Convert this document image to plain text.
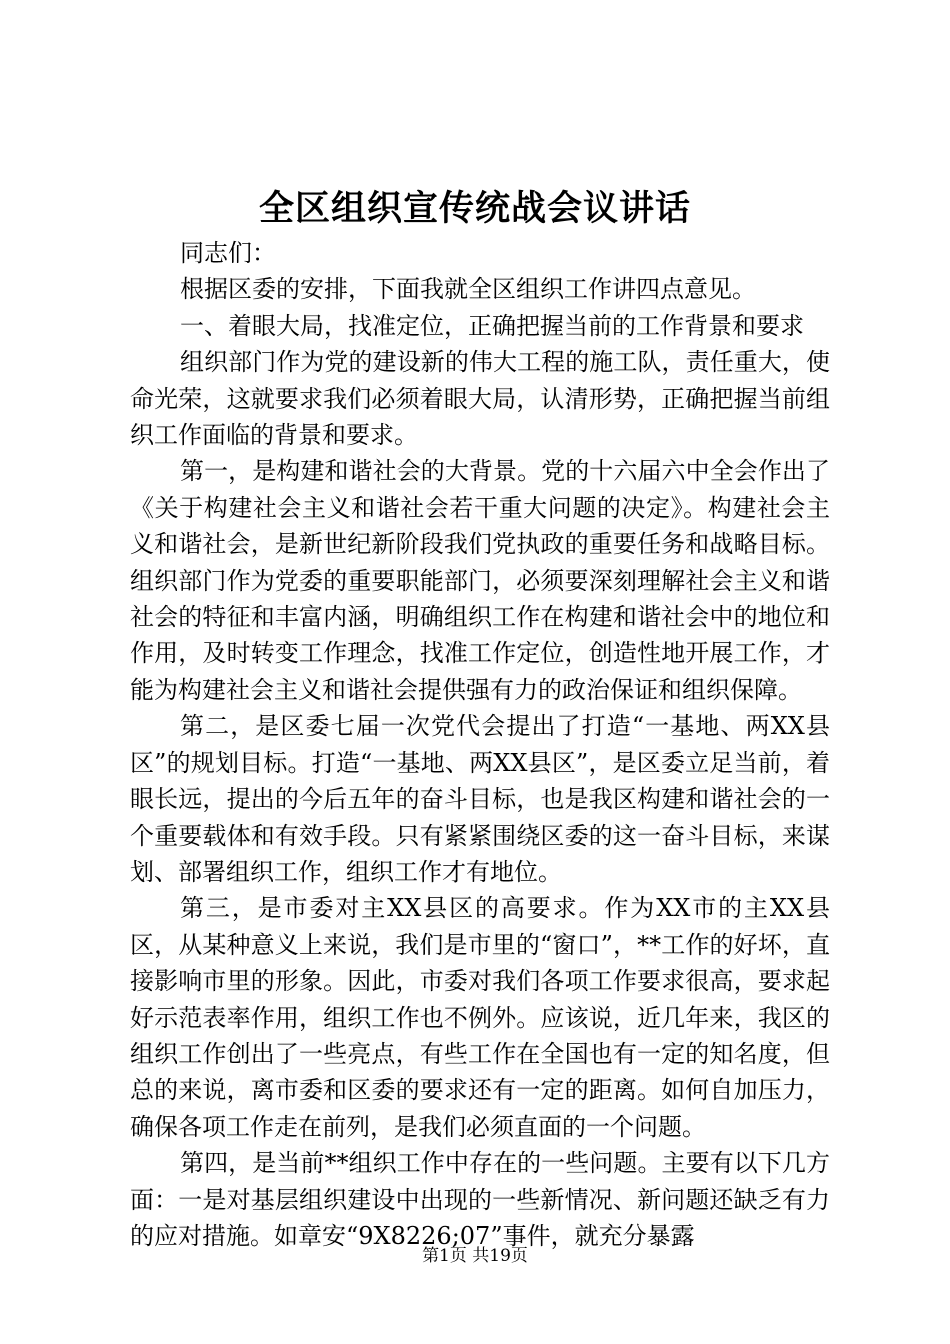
全区组织宣传统战会议讲话

同志们：

根据区委的安排，下面我就全区组织工作讲四点意见。

一、着眼大局，找准定位，正确把握当前的工作背景和要求

组织部门作为党的建设新的伟大工程的施工队，责任重大，使命光荣，这就要求我们必须着眼大局，认清形势，正确把握当前组织工作面临的背景和要求。

第一，是构建和谐社会的大背景。党的十六届六中全会作出了《关于构建社会主义和谐社会若干重大问题的决定》。构建社会主义和谐社会，是新世纪新阶段我们党执政的重要任务和战略目标。组织部门作为党委的重要职能部门，必须要深刻理解社会主义和谐社会的特征和丰富内涵，明确组织工作在构建和谐社会中的地位和作用，及时转变工作理念，找准工作定位，创造性地开展工作，才能为构建社会主义和谐社会提供强有力的政治保证和组织保障。

第二，是区委七届一次党代会提出了打造“一基地、两XX县区”的规划目标。打造“一基地、两XX县区”，是区委立足当前，着眼长远，提出的今后五年的奋斗目标，也是我区构建和谐社会的一个重要载体和有效手段。只有紧紧围绕区委的这一奋斗目标，来谋划、部署组织工作，组织工作才有地位。

第三，是市委对主XX县区的高要求。作为XX市的主XX县区，从某种意义上来说，我们是市里的“窗口”，**工作的好坏，直接影响市里的形象。因此，市委对我们各项工作要求很高，要求起好示范表率作用，组织工作也不例外。应该说，近几年来，我区的组织工作创出了一些亮点，有些工作在全国也有一定的知名度，但总的来说，离市委和区委的要求还有一定的距离。如何自加压力，确保各项工作走在前列，是我们必须直面的一个问题。

第四，是当前**组织工作中存在的一些问题。主要有以下几方面：一是对基层组织建设中出现的一些新情况、新问题还缺乏有力的应对措施。如章安“9X8226;07”事件，就充分暴露

第1页 共19页
